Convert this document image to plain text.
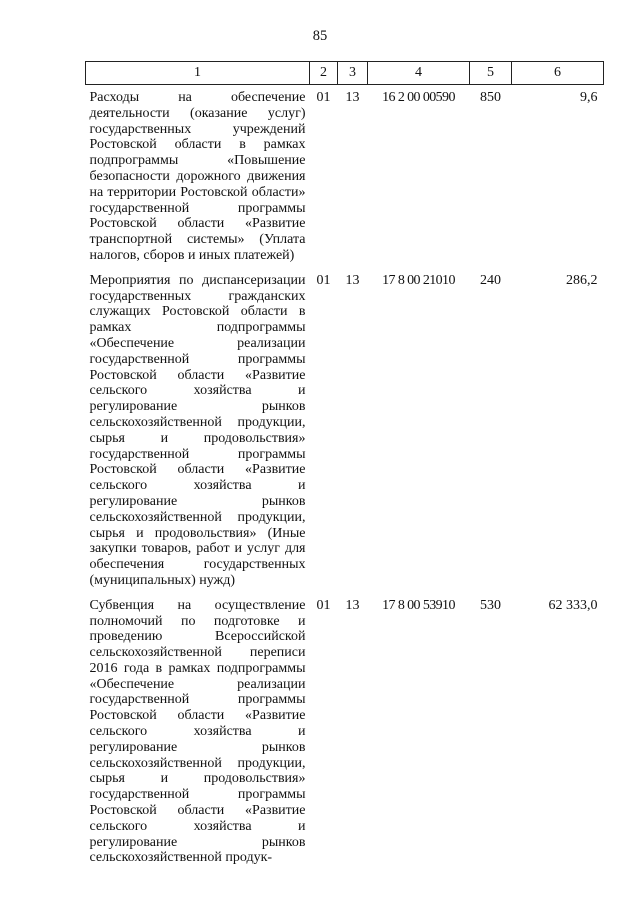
85
1	2	3	4	5	6
Расходы на обеспечение деятельности (оказание услуг) государственных учреждений Ростовской области в рамках подпрограммы «Повышение безопасности дорожного движения на территории Ростовской области» государственной программы Ростовской области «Развитие транспортной системы» (Уплата налогов, сборов и иных платежей)	01	13	16 2 00 00590	850	9,6

Мероприятия по диспансеризации государственных гражданских служащих Ростовской области в рамках подпрограммы «Обеспечение реализации государственной программы Ростовской области «Развитие сельского хозяйства и регулирование рынков сельскохозяйственной продукции, сырья и продовольствия» государственной программы Ростовской области «Развитие сельского хозяйства и регулирование рынков сельскохозяйственной продукции, сырья и продовольствия» (Иные закупки товаров, работ и услуг для обеспечения государственных (муниципальных) нужд)	01	13	17 8 00 21010	240	286,2

Субвенция на осуществление полномочий по подготовке и проведению Всероссийской сельскохозяйственной переписи 2016 года в рамках подпрограммы «Обеспечение реализации государственной программы Ростовской области «Развитие сельского хозяйства и регулирование рынков сельскохозяйственной продукции, сырья и продовольствия» государственной программы Ростовской области «Развитие сельского хозяйства и регулирование рынков сельскохозяйственной продук-	01	13	17 8 00 53910	530	62 333,0
